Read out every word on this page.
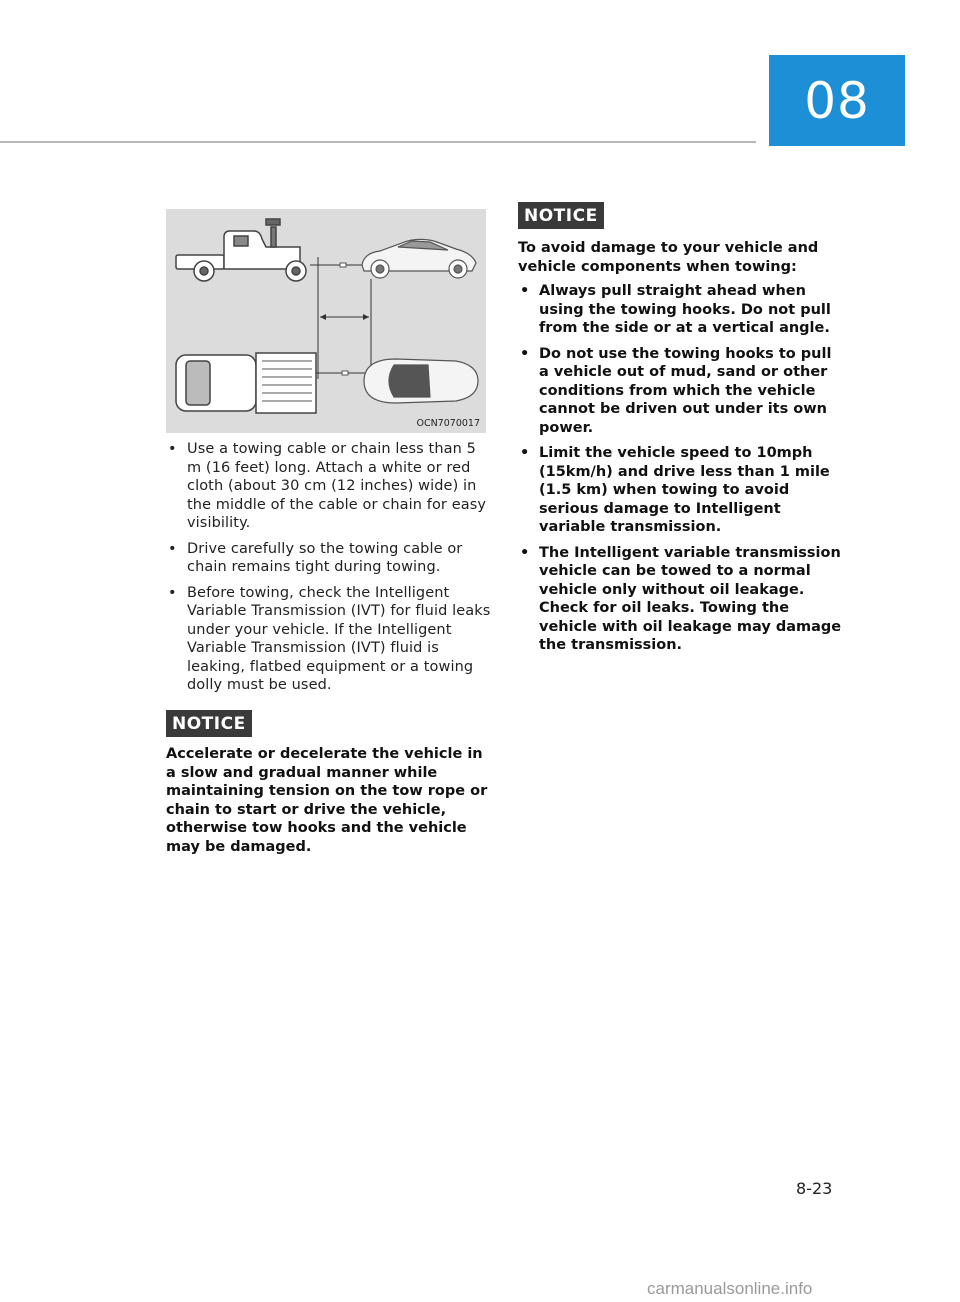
08
OCN7070017
• Use a towing cable or chain less than 5 m (16 feet) long. Attach a white or red cloth (about 30 cm (12 inches) wide) in the middle of the cable or chain for easy visibility.
• Drive carefully so the towing cable or chain remains tight during towing.
• Before towing, check the Intelligent Variable Transmission (IVT) for fluid leaks under your vehicle. If the Intelligent Variable Transmission (IVT) fluid is leaking, flatbed equipment or a towing dolly must be used.
NOTICE
Accelerate or decelerate the vehicle in a slow and gradual manner while maintaining tension on the tow rope or chain to start or drive the vehicle, otherwise tow hooks and the vehicle may be damaged.
NOTICE
To avoid damage to your vehicle and vehicle components when towing:
• Always pull straight ahead when using the towing hooks. Do not pull from the side or at a vertical angle.
• Do not use the towing hooks to pull a vehicle out of mud, sand or other conditions from which the vehicle cannot be driven out under its own power.
• Limit the vehicle speed to 10mph (15km/h) and drive less than 1 mile (1.5 km) when towing to avoid serious damage to Intelligent variable transmission.
• The Intelligent variable transmission vehicle can be towed to a normal vehicle only without oil leakage. Check for oil leaks. Towing the vehicle with oil leakage may damage the transmission.
8-23
carmanualsonline.info
